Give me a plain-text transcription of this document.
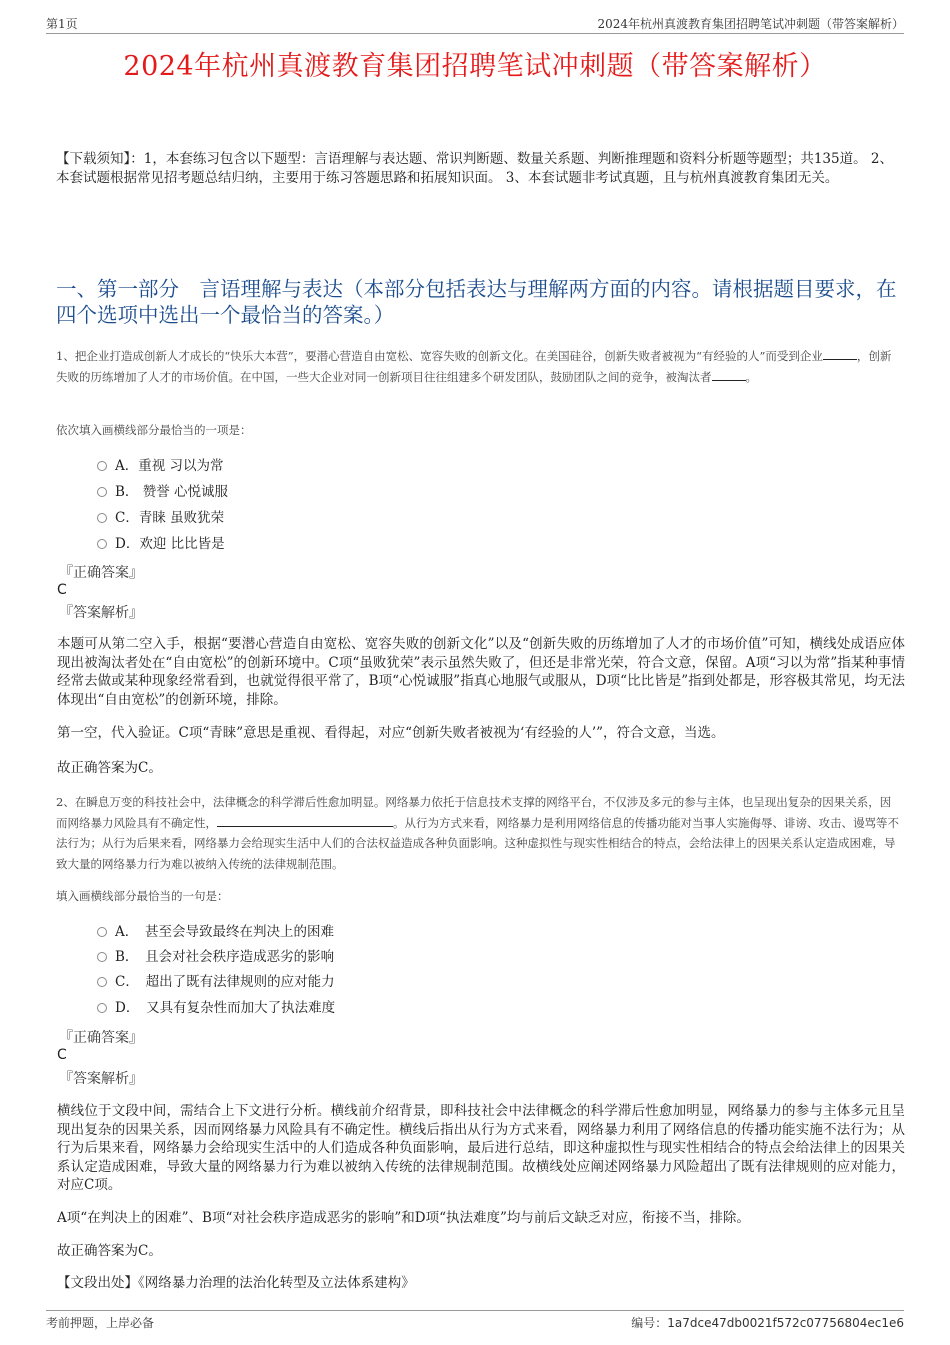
第1页	2024年杭州真渡教育集团招聘笔试冲刺题（带答案解析）
2024年杭州真渡教育集团招聘笔试冲刺题（带答案解析）
【下载须知】：1，本套练习包含以下题型：言语理解与表达题、常识判断题、数量关系题、判断推理题和资料分析题等题型；共135道。 2、本套试题根据常见招考题总结归纳，主要用于练习答题思路和拓展知识面。 3、本套试题非考试真题，且与杭州真渡教育集团无关。
一、第一部分　言语理解与表达（本部分包括表达与理解两方面的内容。请根据题目要求，在四个选项中选出一个最恰当的答案。）
1、把企业打造成创新人才成长的“快乐大本营”，要潜心营造自由宽松、宽容失败的创新文化。在美国硅谷，创新失败者被视为“有经验的人”而受到企业	，创新失败的历练增加了人才的市场价值。在中国，一些大企业对同一创新项目往往组建多个研发团队，鼓励团队之间的竞争，被淘汰者	。
依次填入画横线部分最恰当的一项是：
A．重视 习以为常
B． 赞誉 心悦诚服
C．青睐 虽败犹荣
D．欢迎 比比皆是
『正确答案』
C
『答案解析』
本题可从第二空入手，根据“要潜心营造自由宽松、宽容失败的创新文化”以及“创新失败的历练增加了人才的市场价值”可知，横线处成语应体现出被淘汰者处在“自由宽松”的创新环境中。C项“虽败犹荣”表示虽然失败了，但还是非常光荣，符合文意，保留。A项“习以为常”指某种事情经常去做或某种现象经常看到，也就觉得很平常了，B项“心悦诚服”指真心地服气或服从，D项“比比皆是”指到处都是，形容极其常见，均无法体现出“自由宽松”的创新环境，排除。
第一空，代入验证。C项“青睐”意思是重视、看得起，对应“创新失败者被视为‘有经验的人’”，符合文意，当选。
故正确答案为C。
2、在瞬息万变的科技社会中，法律概念的科学滞后性愈加明显。网络暴力依托于信息技术支撑的网络平台，不仅涉及多元的参与主体，也呈现出复杂的因果关系，因而网络暴力风险具有不确定性，	。从行为方式来看，网络暴力是利用网络信息的传播功能对当事人实施侮辱、诽谤、攻击、谩骂等不法行为；从行为后果来看，网络暴力会给现实生活中人们的合法权益造成各种负面影响。这种虚拟性与现实性相结合的特点，会给法律上的因果关系认定造成困难，导致大量的网络暴力行为难以被纳入传统的法律规制范围。
填入画横线部分最恰当的一句是：
A．　甚至会导致最终在判决上的困难
B．　且会对社会秩序造成恶劣的影响
C．　超出了既有法律规则的应对能力
D．　又具有复杂性而加大了执法难度
『正确答案』
C
『答案解析』
横线位于文段中间，需结合上下文进行分析。横线前介绍背景，即科技社会中法律概念的科学滞后性愈加明显，网络暴力的参与主体多元且呈现出复杂的因果关系，因而网络暴力风险具有不确定性。横线后指出从行为方式来看，网络暴力利用了网络信息的传播功能实施不法行为；从行为后果来看，网络暴力会给现实生活中的人们造成各种负面影响，最后进行总结，即这种虚拟性与现实性相结合的特点会给法律上的因果关系认定造成困难，导致大量的网络暴力行为难以被纳入传统的法律规制范围。故横线处应阐述网络暴力风险超出了既有法律规则的应对能力，对应C项。
A项“在判决上的困难”、B项“对社会秩序造成恶劣的影响”和D项“执法难度”均与前后文缺乏对应，衔接不当，排除。
故正确答案为C。
【文段出处】《网络暴力治理的法治化转型及立法体系建构》
考前押题，上岸必备	编号：1a7dce47db0021f572c07756804ec1e6
